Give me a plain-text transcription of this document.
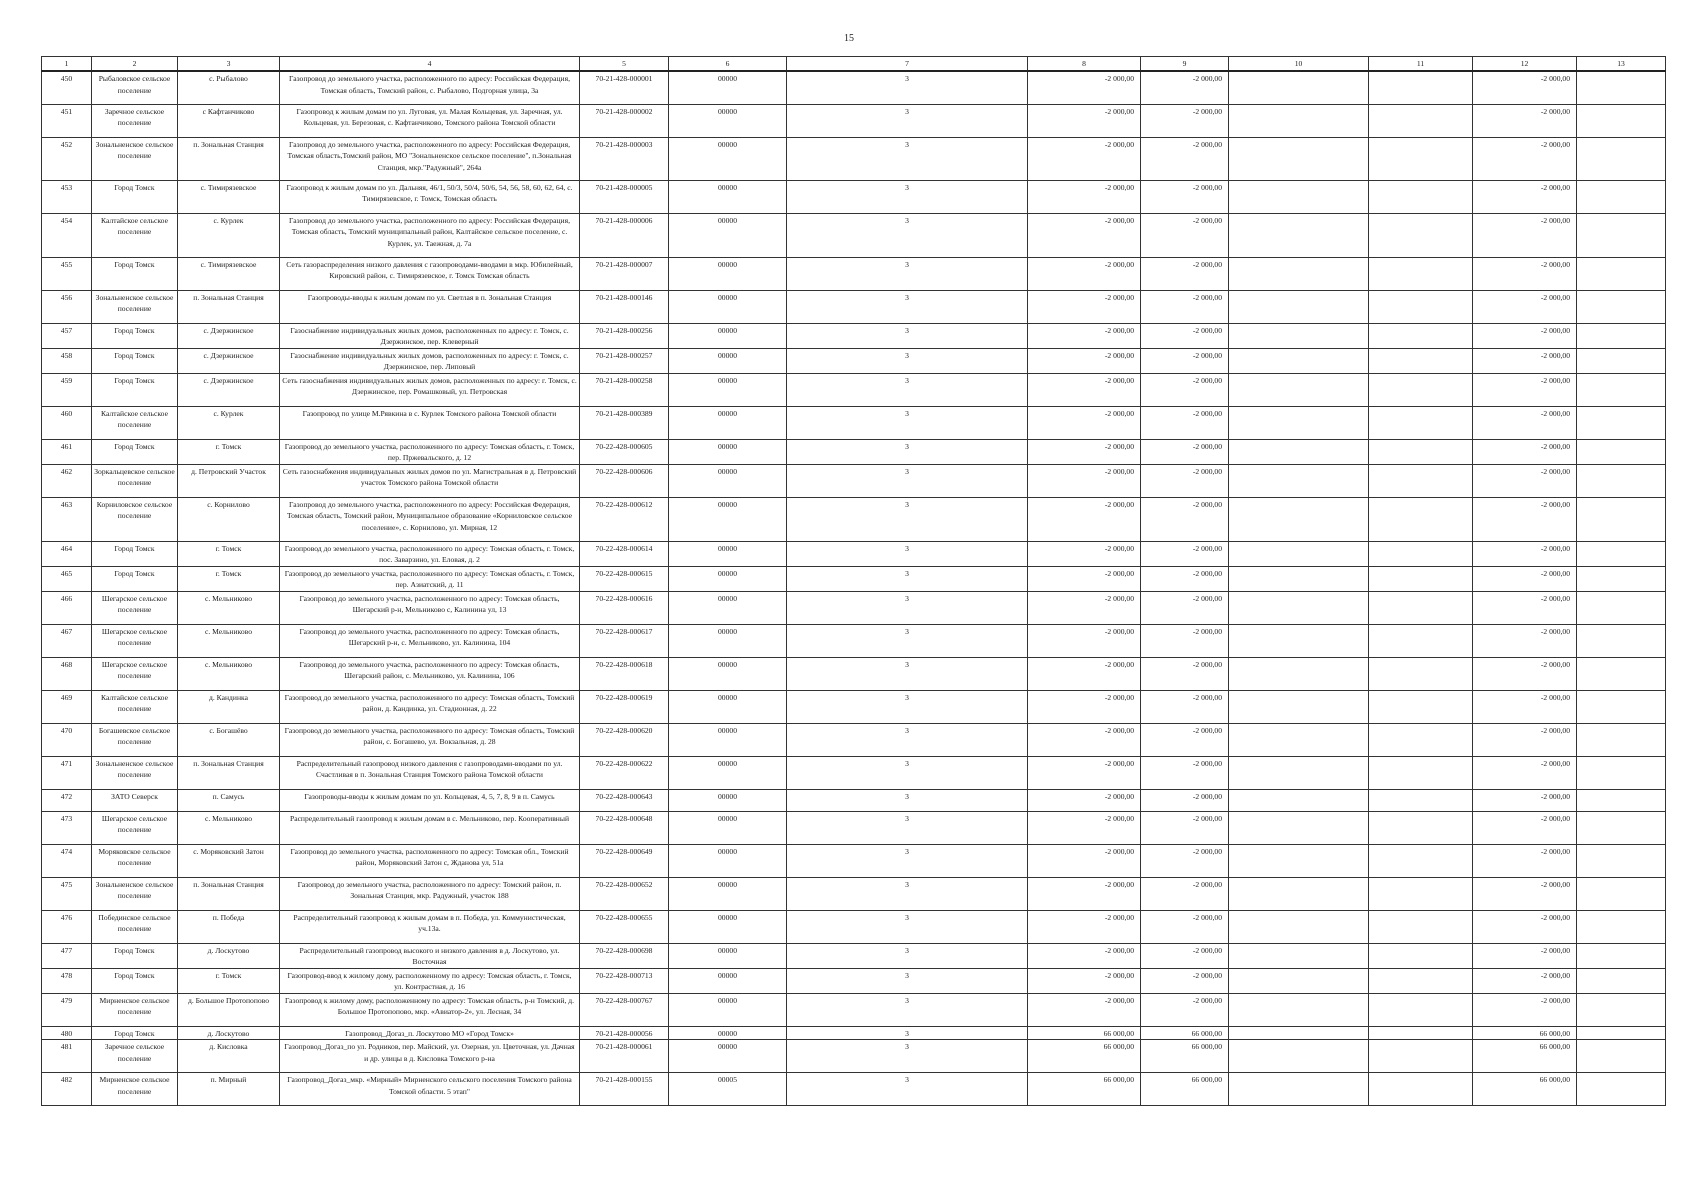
15
1	2	3	4	5	6	7	8	9	10	11	12	13
450	Рыбаловское сельское поселение	с. Рыбалово	Газопровод до земельного участка, расположенного по адресу: Российская Федерация, Томская область, Томский район, с. Рыбалово, Подгорная улица, 3а	70-21-428-000001	00000	3	-2 000,00	-2 000,00			-2 000,00	
451	Заречное сельское поселение	с Кафтанчиково	Газопровод к жилым домам по ул. Луговая, ул. Малая Кольцевая, ул. Заречная, ул. Кольцевая, ул. Березовая, с. Кафтанчиково, Томского района Томской области	70-21-428-000002	00000	3	-2 000,00	-2 000,00			-2 000,00	
452	Зональненское сельское поселение	п. Зональная Станция	Газопровод до земельного участка, расположенного по адресу: Российская Федерация, Томская область,Томский район, МО "Зональненское сельское поселение", п.Зональная Станция, мкр."Радужный", 264а	70-21-428-000003	00000	3	-2 000,00	-2 000,00			-2 000,00	
453	Город Томск	с. Тимирязевское	Газопровод к жилым домам по ул. Дальняя, 46/1, 50/3, 50/4, 50/6, 54, 56, 58, 60, 62, 64, с. Тимирязевское, г. Томск, Томская область	70-21-428-000005	00000	3	-2 000,00	-2 000,00			-2 000,00	
454	Калтайское сельское поселение	с. Курлек	Газопровод до земельного участка, расположенного по адресу: Российская Федерация, Томская область, Томский муниципальный район, Калтайское сельское поселение, с. Курлек, ул. Таежная, д. 7а	70-21-428-000006	00000	3	-2 000,00	-2 000,00			-2 000,00	
455	Город Томск	с. Тимирязевское	Сеть газораспределения низкого давления с газопроводами-вводами в мкр. Юбилейный, Кировский район, с. Тимирязевское, г. Томск Томская область	70-21-428-000007	00000	3	-2 000,00	-2 000,00			-2 000,00	
456	Зональненское сельское поселение	п. Зональная Станция	Газопроводы-вводы к жилым домам по ул. Светлая в п. Зональная Станция	70-21-428-000146	00000	3	-2 000,00	-2 000,00			-2 000,00	
457	Город Томск	с. Дзержинское	Газоснабжение индивидуальных жилых домов, расположенных по адресу: г. Томск, с. Дзержинское, пер. Клеверный	70-21-428-000256	00000	3	-2 000,00	-2 000,00			-2 000,00	
458	Город Томск	с. Дзержинское	Газоснабжение индивидуальных жилых домов, расположенных по адресу: г. Томск, с. Дзержинское, пер. Липовый	70-21-428-000257	00000	3	-2 000,00	-2 000,00			-2 000,00	
459	Город Томск	с. Дзержинское	Сеть газоснабжения индивидуальных жилых домов, расположенных по адресу: г. Томск, с. Дзержинское, пер. Ромашковый, ул. Петровская	70-21-428-000258	00000	3	-2 000,00	-2 000,00			-2 000,00	
460	Калтайское сельское поселение	с. Курлек	Газопровод по улице М.Рявкина в с. Курлек Томского района Томской области	70-21-428-000389	00000	3	-2 000,00	-2 000,00			-2 000,00	
461	Город Томск	г. Томск	Газопровод до земельного участка, расположенного по адресу: Томская область, г. Томск, пер. Пржевальского, д. 12	70-22-428-000605	00000	3	-2 000,00	-2 000,00			-2 000,00	
462	Зоркальцевское сельское поселение	д. Петровский Участок	Сеть газоснабжения индивидуальных жилых домов по ул. Магистральная в д. Петровский участок Томского района Томской области	70-22-428-000606	00000	3	-2 000,00	-2 000,00			-2 000,00	
463	Корниловское сельское поселение	с. Корнилово	Газопровод до земельного участка, расположенного по адресу: Российская Федерация, Томская область, Томский район, Муниципальное образование «Корниловское сельское поселение», с. Корнилово, ул. Мирная, 12	70-22-428-000612	00000	3	-2 000,00	-2 000,00			-2 000,00	
464	Город Томск	г. Томск	Газопровод до земельного участка, расположенного по адресу: Томская область, г. Томск, пос. Заварзино, ул. Еловая, д. 2	70-22-428-000614	00000	3	-2 000,00	-2 000,00			-2 000,00	
465	Город Томск	г. Томск	Газопровод до земельного участка, расположенного по адресу: Томская область, г. Томск, пер. Азиатский, д. 11	70-22-428-000615	00000	3	-2 000,00	-2 000,00			-2 000,00	
466	Шегарское сельское поселение	с. Мельниково	Газопровод до земельного участка, расположенного по адресу: Томская область, Шегарский р-н, Мельниково с, Калинина ул, 13	70-22-428-000616	00000	3	-2 000,00	-2 000,00			-2 000,00	
467	Шегарское сельское поселение	с. Мельниково	Газопровод до земельного участка, расположенного по адресу: Томская область, Шегарский р-н, с. Мельниково, ул. Калинина, 104	70-22-428-000617	00000	3	-2 000,00	-2 000,00			-2 000,00	
468	Шегарское сельское поселение	с. Мельниково	Газопровод до земельного участка, расположенного по адресу: Томская область, Шегарский район, с. Мельниково, ул. Калинина, 106	70-22-428-000618	00000	3	-2 000,00	-2 000,00			-2 000,00	
469	Калтайское сельское поселение	д. Кандинка	Газопровод до земельного участка, расположенного по адресу: Томская область, Томский район, д. Кандинка, ул. Стадионная, д. 22	70-22-428-000619	00000	3	-2 000,00	-2 000,00			-2 000,00	
470	Богашевское сельское поселение	с. Богашёво	Газопровод до земельного участка, расположенного по адресу: Томская область, Томский район, с. Богашево, ул. Вокзальная, д. 28	70-22-428-000620	00000	3	-2 000,00	-2 000,00			-2 000,00	
471	Зональненское сельское поселение	п. Зональная Станция	Распределительный газопровод низкого давления с газопроводами-вводами по ул. Счастливая в п. Зональная Станция Томского района Томской области	70-22-428-000622	00000	3	-2 000,00	-2 000,00			-2 000,00	
472	ЗАТО Северск	п. Самусь	Газопроводы-вводы к жилым домам по ул. Кольцевая, 4, 5, 7, 8, 9 в п. Самусь	70-22-428-000643	00000	3	-2 000,00	-2 000,00			-2 000,00	
473	Шегарское сельское поселение	с. Мельниково	Распределительный газопровод к жилым домам в с. Мельниково, пер. Кооперативный	70-22-428-000648	00000	3	-2 000,00	-2 000,00			-2 000,00	
474	Моряковское сельское поселение	с. Моряковский Затон	Газопровод до земельного участка, расположенного по адресу: Томская обл., Томский район, Моряковский Затон с, Жданова ул, 51а	70-22-428-000649	00000	3	-2 000,00	-2 000,00			-2 000,00	
475	Зональненское сельское поселение	п. Зональная Станция	Газопровод до земельного участка, расположенного по адресу: Томский район, п. Зональная Станция, мкр. Радужный, участок 188	70-22-428-000652	00000	3	-2 000,00	-2 000,00			-2 000,00	
476	Побединское сельское поселение	п. Победа	Распределительный газопровод к жилым домам в п. Победа, ул. Коммунистическая, уч.13а.	70-22-428-000655	00000	3	-2 000,00	-2 000,00			-2 000,00	
477	Город Томск	д. Лоскутово	Распределительный газопровод высокого и низкого давления в д. Лоскутово, ул. Восточная	70-22-428-000698	00000	3	-2 000,00	-2 000,00			-2 000,00	
478	Город Томск	г. Томск	Газопровод-ввод к жилому дому, расположенному по адресу: Томская область, г. Томск, ул. Контрастная, д. 16	70-22-428-000713	00000	3	-2 000,00	-2 000,00			-2 000,00	
479	Мирненское сельское поселение	д. Большое Протопопово	Газопровод к жилому дому, расположенному по адресу: Томская область, р-н Томский, д. Большое Протопопово, мкр. «Авиатор-2», ул. Лесная, 34	70-22-428-000767	00000	3	-2 000,00	-2 000,00			-2 000,00	
480	Город Томск	д. Лоскутово	Газопровод_Догаз_п. Лоскутово МО «Город Томск»	70-21-428-000056	00000	3	66 000,00	66 000,00			66 000,00	
481	Заречное сельское поселение	д. Кисловка	Газопровод_Догаз_по ул. Родников, пер. Майский, ул. Озерная, ул. Цветочная, ул. Дачная и др. улицы в д. Кисловка Томского р-на	70-21-428-000061	00000	3	66 000,00	66 000,00			66 000,00	
482	Мирненское сельское поселение	п. Мирный	Газопровод_Догаз_мкр. «Мирный» Мирненского сельского поселения Томского района Томской области. 5 этап"	70-21-428-000155	00005	3	66 000,00	66 000,00			66 000,00	
